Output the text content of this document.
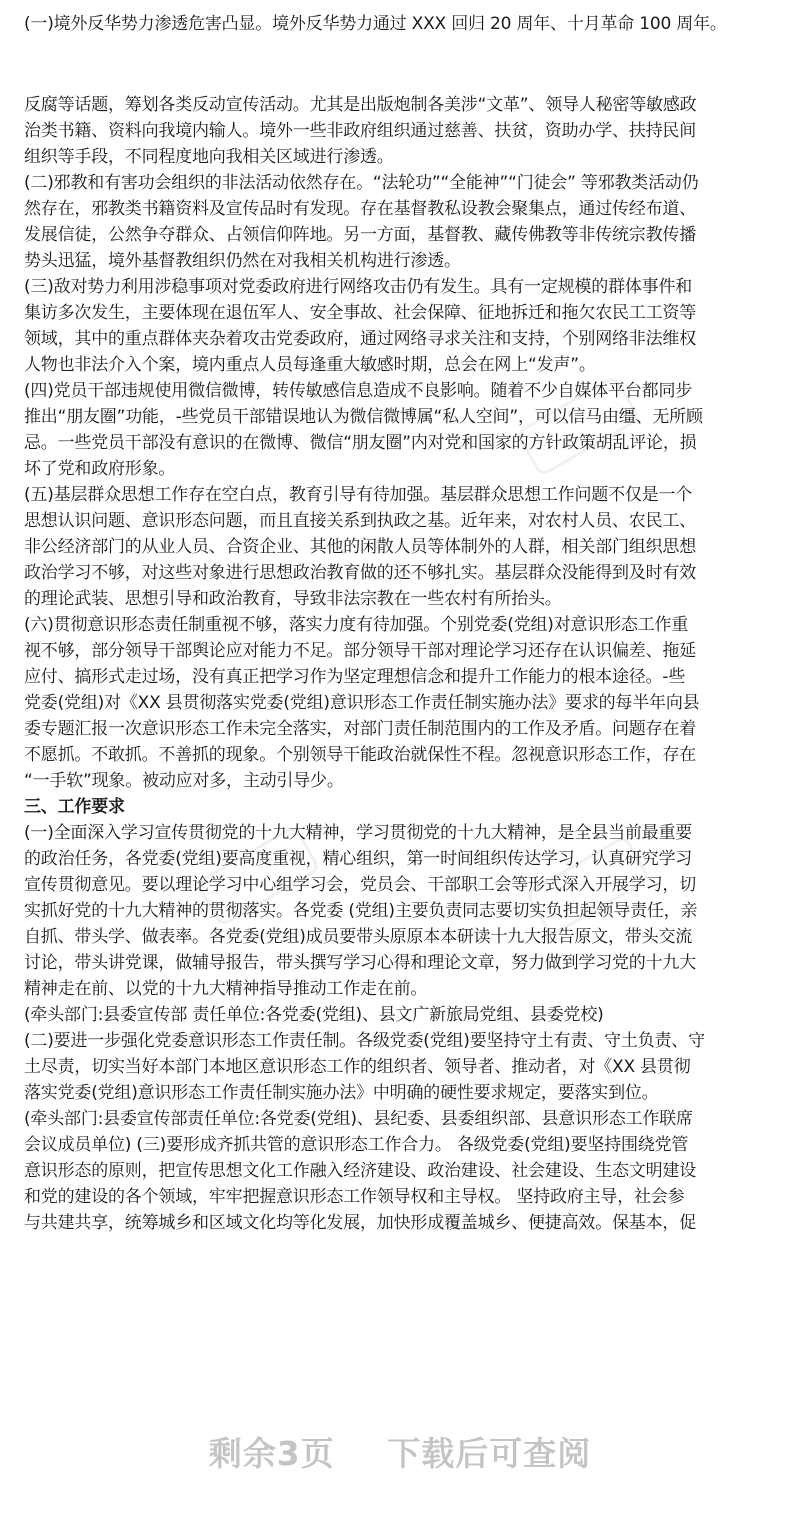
(一)境外反华势力渗透危害凸显。境外反华势力通过 XXX 回归 20 周年、十月革命 100 周年。
反腐等话题，筹划各类反动宣传活动。尤其是出版炮制各美涉“文革”、领导人秘密等敏感政
治类书籍、资料向我境内输人。境外一些非政府组织通过慈善、扶贫，资助办学、扶持民间
组织等手段，不同程度地向我相关区域进行渗透。
(二)邪教和有害功会组织的非法活动依然存在。“法轮功”“全能神”“门徒会” 等邪教类活动仍
然存在，邪教类书籍资料及宣传品时有发现。存在基督教私设教会聚集点，通过传经布道、
发展信徒，公然争夺群众、占领信仰阵地。另一方面，基督教、藏传佛教等非传统宗教传播
势头迅猛，境外基督教组织仍然在对我相关机构进行渗透。
(三)敌对势力利用涉稳事项对党委政府进行网络攻击仍有发生。具有一定规模的群体事件和
集访多次发生，主要体现在退伍军人、安全事故、社会保障、征地拆迁和拖欠农民工工资等
领域，其中的重点群体夹杂着攻击党委政府，通过网络寻求关注和支持，个别网络非法维权
人物也非法介入个案，境内重点人员每逢重大敏感时期，总会在网上“发声”。
(四)党员干部违规使用微信微博，转传敏感信息造成不良影响。随着不少自媒体平台都同步
推出“朋友圈”功能，-些党员干部错误地认为微信微博属“私人空间”，可以信马由缰、无所顾
忌。一些党员干部没有意识的在微博、微信“朋友圈”内对党和国家的方针政策胡乱评论，损
坏了党和政府形象。
(五)基层群众思想工作存在空白点，教育引导有待加强。基层群众思想工作问题不仅是一个
思想认识问题、意识形态问题，而且直接关系到执政之基。近年来，对农村人员、农民工、
非公经济部门的从业人员、合资企业、其他的闲散人员等体制外的人群，相关部门组织思想
政治学习不够，对这些对象进行思想政治教育做的还不够扎实。基层群众没能得到及时有效
的理论武装、思想引导和政治教育，导致非法宗教在一些农村有所抬头。
(六)贯彻意识形态责任制重视不够，落实力度有待加强。个别党委(党组)对意识形态工作重
视不够，部分领导干部舆论应对能力不足。部分领导干部对理论学习还存在认识偏差、拖延
应付、搞形式走过场，没有真正把学习作为坚定理想信念和提升工作能力的根本途径。-些
党委(党组)对《XX 县贯彻落实党委(党组)意识形态工作责任制实施办法》要求的每半年向县
委专题汇报一次意识形态工作未完全落实，对部门责任制范围内的工作及矛盾。问题存在着
不愿抓。不敢抓。不善抓的现象。个别领导干能政治就保性不程。忽视意识形态工作，存在
“一手软”现象。被动应对多，主动引导少。
三、工作要求
(一)全面深入学习宣传贯彻党的十九大精神，学习贯彻党的十九大精神，是全县当前最重要
的政治任务，各党委(党组)要高度重视，精心组织，第一时间组织传达学习，认真研究学习
宣传贯彻意见。要以理论学习中心组学习会，党员会、干部职工会等形式深入开展学习，切
实抓好党的十九大精神的贯彻落实。各党委 (党组)主要负责同志要切实负担起领导责任，亲
自抓、带头学、做表率。各党委(党组)成员要带头原原本本研读十九大报告原文，带头交流
讨论，带头讲党课，做辅导报告，带头撰写学习心得和理论文章，努力做到学习党的十九大
精神走在前、以党的十九大精神指导推动工作走在前。
(牵头部门:县委宣传部 责任单位:各党委(党组)、县文广新旅局党组、县委党校)
(二)要进一步强化党委意识形态工作责任制。各级党委(党组)要坚持守土有责、守土负责、守
土尽责，切实当好本部门本地区意识形态工作的组织者、领导者、推动者，对《XX 县贯彻
落实党委(党组)意识形态工作责任制实施办法》中明确的硬性要求规定，要落实到位。
(牵头部门:县委宣传部责任单位:各党委(党组)、县纪委、县委组织部、县意识形态工作联席
会议成员单位) (三)要形成齐抓共管的意识形态工作合力。 各级党委(党组)要坚持围绕党管
意识形态的原则，把宣传思想文化工作融入经济建设、政治建设、社会建设、生态文明建设
和党的建设的各个领域，牢牢把握意识形态工作领导权和主导权。 坚持政府主导，社会参
与共建共享，统筹城乡和区域文化均等化发展，加快形成覆盖城乡、便捷高效。保基本，促
剩余3页 下载后可查阅
